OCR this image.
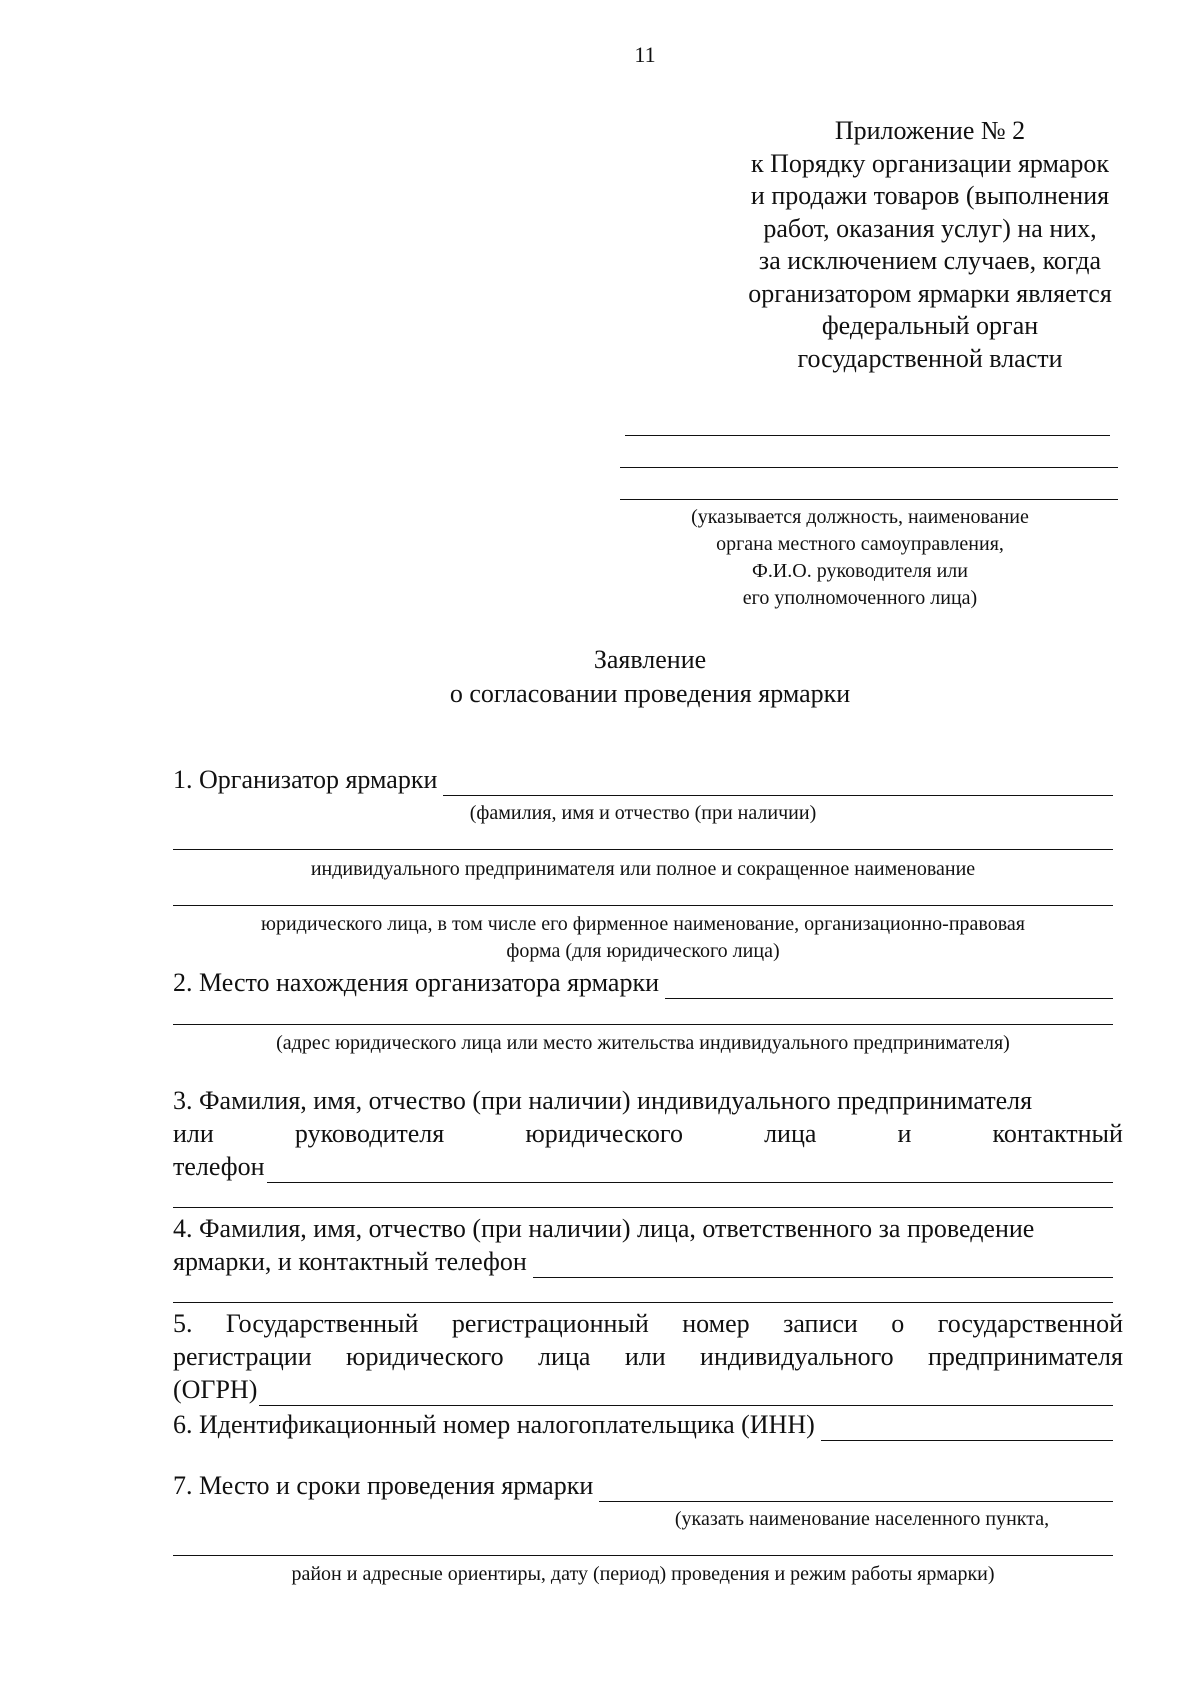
11
Приложение № 2
к Порядку организации ярмарок
и продажи товаров (выполнения
работ, оказания услуг) на них,
за исключением случаев, когда
организатором ярмарки является
федеральный орган
государственной власти
(указывается должность, наименование
органа местного самоуправления,
Ф.И.О. руководителя или
его уполномоченного лица)
Заявление
о согласовании проведения ярмарки
1. Организатор ярмарки
(фамилия, имя и отчество (при наличии)
индивидуального предпринимателя или полное и сокращенное наименование
юридического лица, в том числе его фирменное наименование, организационно-правовая
форма (для юридического лица)
2. Место нахождения организатора ярмарки
(адрес юридического лица или место жительства индивидуального предпринимателя)
3. Фамилия, имя, отчество (при наличии) индивидуального предпринимателя
или	руководителя	юридического	лица	и	контактный
телефон
4. Фамилия, имя, отчество (при наличии) лица, ответственного за проведение
ярмарки, и контактный телефон
5. Государственный регистрационный номер записи о государственной
регистрации юридического лица или индивидуального предпринимателя
(ОГРН)
6. Идентификационный номер налогоплательщика (ИНН)
7. Место и сроки проведения ярмарки
(указать наименование населенного пункта,
район и адресные ориентиры, дату (период) проведения и режим работы ярмарки)
